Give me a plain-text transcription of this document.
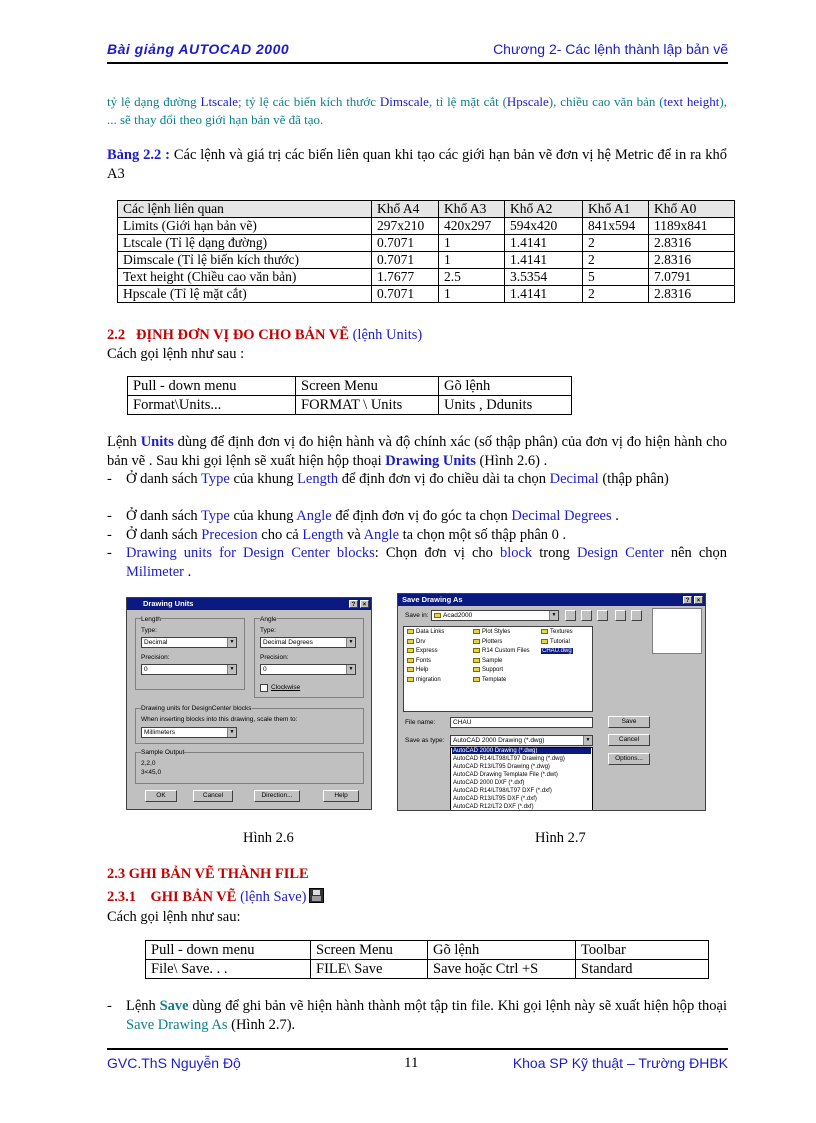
Bài giảng AUTOCAD 2000	Chương 2- Các lệnh thành lập bản vẽ
tỷ lệ dạng đường Ltscale; tỷ lệ các biến kích thước Dimscale, tỉ lệ mặt cắt (Hpscale), chiều cao văn bản (text height), ... sẽ thay đổi theo giới hạn bản vẽ đã tạo.
Bảng 2.2 : Các lệnh và giá trị các biến liên quan khi tạo các giới hạn bản vẽ đơn vị hệ Metric để in ra khổ A3
Các lệnh liên quan	Khổ A4	Khổ A3	Khổ A2	Khổ A1	Khổ A0
Limits (Giới hạn bản vẽ)	297x210	420x297	594x420	841x594	1189x841
Ltscale (Tỉ lệ dạng đường)	0.7071	1	1.4141	2	2.8316
Dimscale (Tỉ lệ biến kích thước)	0.7071	1	1.4141	2	2.8316
Text height (Chiều cao văn bản)	1.7677	2.5	3.5354	5	7.0791
Hpscale (Tỉ lệ mặt cắt)	0.7071	1	1.4141	2	2.8316
2.2 ĐỊNH ĐƠN VỊ ĐO CHO BẢN VẼ (lệnh Units)
Cách gọi lệnh như sau :
Pull - down menu	Screen Menu	Gõ lệnh
Format\Units...	FORMAT \ Units	Units , Ddunits
Lệnh Units dùng để định đơn vị đo hiện hành và độ chính xác (số thập phân) của đơn vị đo hiện hành cho bản vẽ . Sau khi gọi lệnh sẽ xuất hiện hộp thoại Drawing Units (Hình 2.6) .
- Ở danh sách Type của khung Length để định đơn vị đo chiều dài ta chọn Decimal (thập phân)
- Ở danh sách Type của khung Angle để định đơn vị đo góc ta chọn Decimal Degrees .
- Ở danh sách Precesion cho cả Length và Angle ta chọn một số thập phân 0 .
- Drawing units for Design Center blocks: Chọn đơn vị cho block trong Design Center nên chọn Milimeter .
Drawing Units	?	×
Length
Type:
Decimal	▼
Precision:
0	▼
Angle
Type:
Decimal Degrees	▼
Precision:
0	▼
Clockwise
Drawing units for DesignCenter blocks
When inserting blocks into this drawing, scale them to:
Millimeters	▼
Sample Output
2,2,0
3<45,0
OK	Cancel	Direction...	Help
Save Drawing As	?	×
Save in:	Acad2000	▼
Data Links
Drv
Express
Fonts
Help
migration
Plot Styles
Plotters
R14 Custom Files
Sample
Support
Template
Textures
Tutorial
CHAU.dwg
File name:	CHAU
Save as type:	AutoCAD 2000 Drawing (*.dwg)	▼
AutoCAD 2000 Drawing (*.dwg)
AutoCAD R14/LT98/LT97 Drawing (*.dwg)
AutoCAD R13/LT95 Drawing (*.dwg)
AutoCAD Drawing Template File (*.dwt)
AutoCAD 2000 DXF (*.dxf)
AutoCAD R14/LT98/LT97 DXF (*.dxf)
AutoCAD R13/LT95 DXF (*.dxf)
AutoCAD R12/LT2 DXF (*.dxf)
Save
Cancel
Options...
Hình 2.6	Hình 2.7
2.3 GHI BẢN VẼ THÀNH FILE
2.3.1 GHI BẢN VẼ (lệnh Save)
Cách gọi lệnh như sau:
Pull - down menu	Screen Menu	Gõ lệnh	Toolbar
File\ Save. . .	FILE\ Save	Save hoặc Ctrl +S	Standard
- Lệnh Save dùng để ghi bản vẽ hiện hành thành một tập tin file. Khi gọi lệnh này sẽ xuất hiện hộp thoại Save Drawing As (Hình 2.7).
GVC.ThS Nguyễn Độ	11	Khoa SP Kỹ thuật – Trường ĐHBK
